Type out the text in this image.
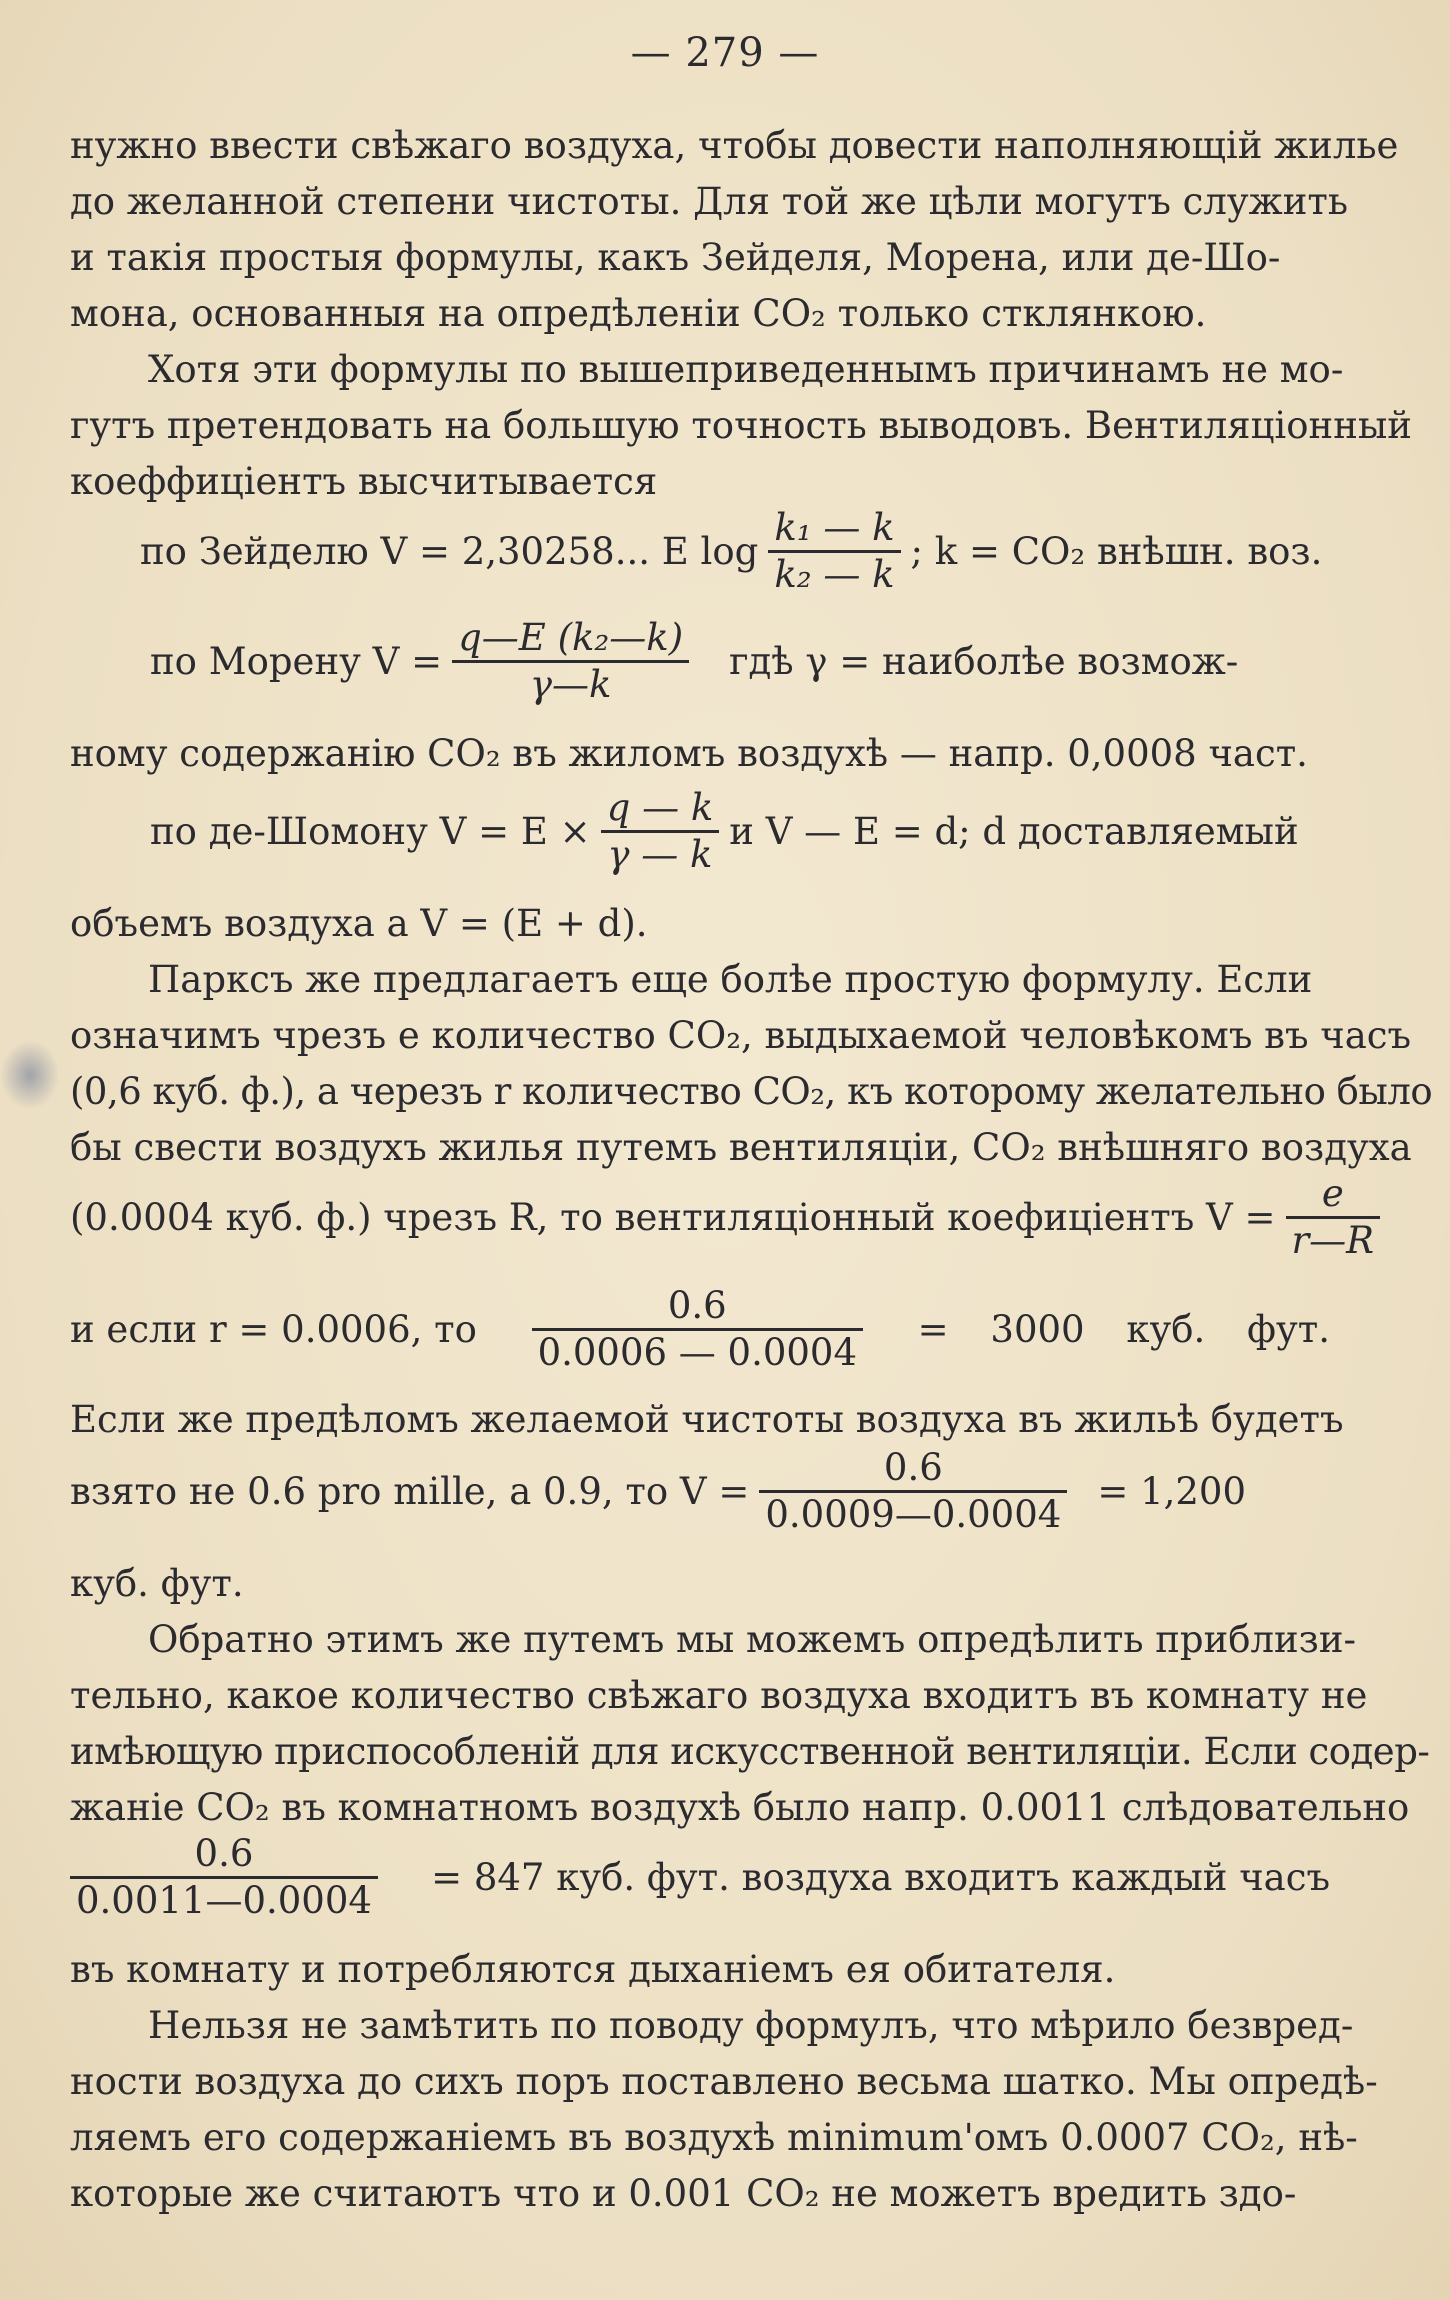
— 279 —
нужно ввести свѣжаго воздуха, чтобы довести наполняющій жилье
до желанной степени чистоты. Для той же цѣли могутъ служить
и такія простыя формулы, какъ Зейделя, Морена, или де-Шо-
мона, основанныя на опредѣленіи CO₂ только стклянкою.
Хотя эти формулы по вышеприведеннымъ причинамъ не мо-
гутъ претендовать на большую точность выводовъ. Вентиляціонный
коеффиціентъ высчитывается
по Зейделю V = 2,30258... E $\log \frac{\text{k₁ — k}}{\text{k₂ — k}}$ ; k = CO₂ внѣшн. воз.
по Морену $V = \frac{\text{q—E (k₂—k)}}{\gamma—k}$ гдѣ γ = наиболѣе возмож-
ному содержанію CO₂ въ жиломъ воздухѣ — напр. 0,0008 част.
по де-Шомону $V = E \times \frac{q — k}{\gamma — k}$ и V — E = d; d доставляемый
объемъ воздуха а V = (E + d).
Парксъ же предлагаетъ еще болѣе простую формулу. Если
означимъ чрезъ e количество CO₂, выдыхаемой человѣкомъ въ часъ
(0,6 куб. ф.), а черезъ r количество CO₂, къ которому желательно было
бы свести воздухъ жилья путемъ вентиляціи, CO₂ внѣшняго воздуха
(0.0004 куб. ф.) чрезъ R, то вентиляціонный коефиціентъ $V = \frac{e}{r—R}$
и если r = 0.0006, то $\frac{0.6}{0.0006 — 0.0004} = 3000$ куб. фут.
Если же предѣломъ желаемой чистоты воздуха въ жильѣ будетъ
взято не 0.6 pro mille, а 0.9, то $V = \frac{0.6}{0.0009—0.0004} = 1,200$
куб. фут.
Обратно этимъ же путемъ мы можемъ опредѣлить приблизи-
тельно, какое количество свѣжаго воздуха входитъ въ комнату не
имѣющую приспособленій для искусственной вентиляціи. Если содер-
жаніе CO₂ въ комнатномъ воздухѣ было напр. 0.0011 слѣдовательно
$\frac{0.6}{0.0011—0.0004} = 847$ куб. фут. воздуха входитъ каждый часъ
въ комнату и потребляются дыханіемъ ея обитателя.
Нельзя не замѣтить по поводу формулъ, что мѣрило безвред-
ности воздуха до сихъ поръ поставлено весьма шатко. Мы опредѣ-
ляемъ его содержаніемъ въ воздухѣ minimum'омъ 0.0007 CO₂, нѣ-
которые же считаютъ что и 0.001 CO₂ не можетъ вредить здо-
